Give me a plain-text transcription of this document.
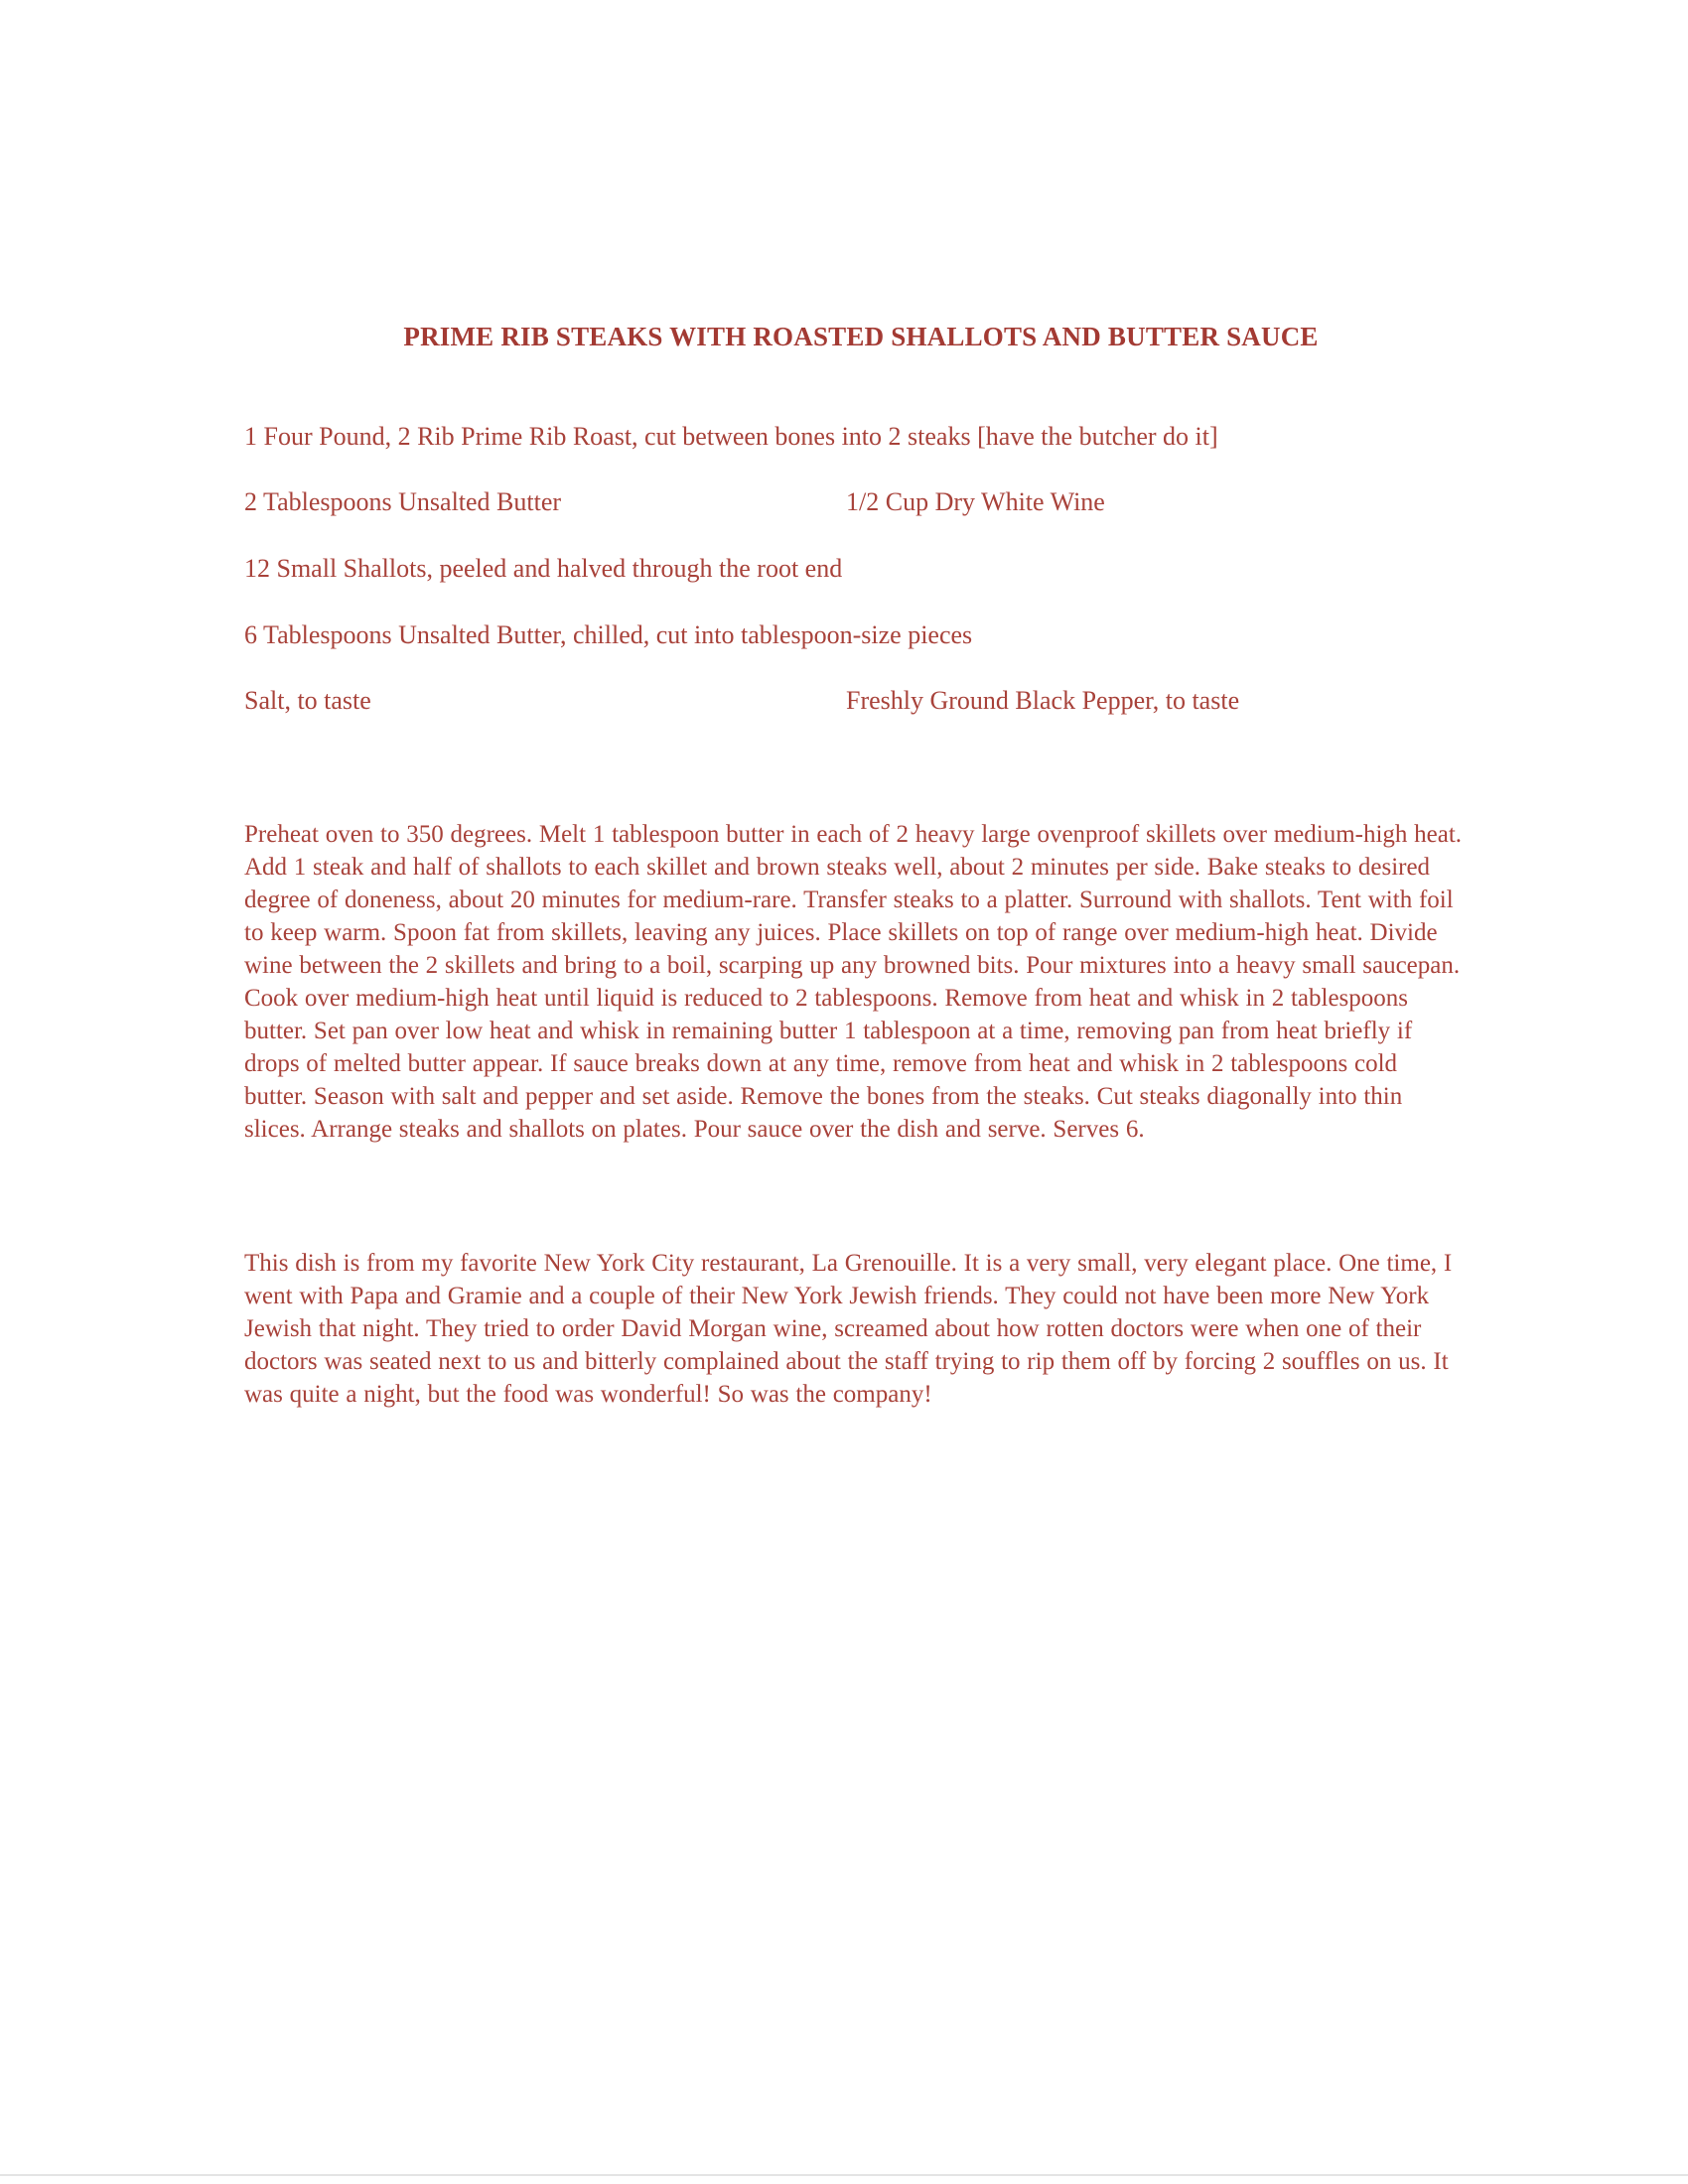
PRIME RIB STEAKS WITH ROASTED SHALLOTS AND BUTTER SAUCE
1 Four Pound, 2 Rib Prime Rib Roast, cut between bones into 2 steaks [have the butcher do it]
2 Tablespoons Unsalted Butter	1/2 Cup Dry White Wine
12 Small Shallots, peeled and halved through the root end
6 Tablespoons Unsalted Butter, chilled, cut into tablespoon-size pieces
Salt, to taste	Freshly Ground Black Pepper, to taste
Preheat oven to 350 degrees. Melt 1 tablespoon butter in each of 2 heavy large ovenproof skillets over medium-high heat. Add 1 steak and half of shallots to each skillet and brown steaks well, about 2 minutes per side. Bake steaks to desired degree of doneness, about 20 minutes for medium-rare. Transfer steaks to a platter. Surround with shallots. Tent with foil to keep warm. Spoon fat from skillets, leaving any juices. Place skillets on top of range over medium-high heat. Divide wine between the 2 skillets and bring to a boil, scarping up any browned bits. Pour mixtures into a heavy small saucepan. Cook over medium-high heat until liquid is reduced to 2 tablespoons. Remove from heat and whisk in 2 tablespoons butter. Set pan over low heat and whisk in remaining butter 1 tablespoon at a time, removing pan from heat briefly if drops of melted butter appear. If sauce breaks down at any time, remove from heat and whisk in 2 tablespoons cold butter. Season with salt and pepper and set aside. Remove the bones from the steaks. Cut steaks diagonally into thin slices. Arrange steaks and shallots on plates. Pour sauce over the dish and serve. Serves 6.
This dish is from my favorite New York City restaurant, La Grenouille. It is a very small, very elegant place. One time, I went with Papa and Gramie and a couple of their New York Jewish friends. They could not have been more New York Jewish that night. They tried to order David Morgan wine, screamed about how rotten doctors were when one of their doctors was seated next to us and bitterly complained about the staff trying to rip them off by forcing 2 souffles on us. It was quite a night, but the food was wonderful! So was the company!
